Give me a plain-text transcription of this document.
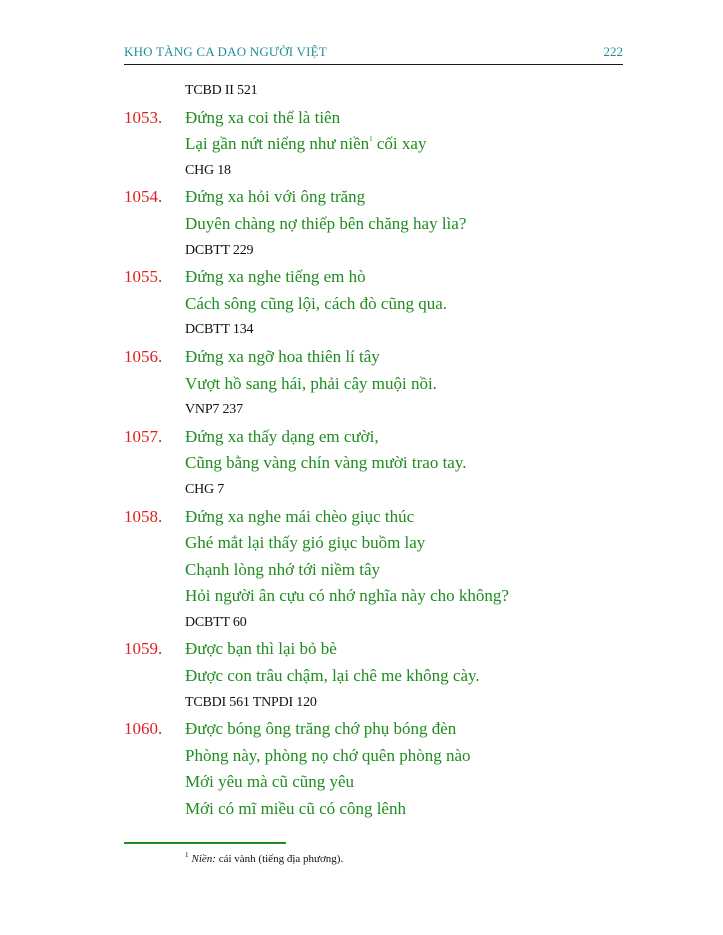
KHO TÀNG CA DAO NGƯỜI VIỆT	222
TCBD II 521
1053. Đứng xa coi thể là tiên
Lại gần nứt niểng như niền$^1$ cối xay
CHG 18
1054. Đứng xa hỏi với ông trăng
Duyên chàng nợ thiếp bên chăng hay lìa?
DCBTT 229
1055. Đứng xa nghe tiếng em hò
Cách sông cũng lội, cách đò cũng qua.
DCBTT 134
1056. Đứng xa ngỡ hoa thiên lí tây
Vượt hồ sang hái, phải cây muội nồi.
VNP7 237
1057. Đứng xa thấy dạng em cười,
Cũng bằng vàng chín vàng mười trao tay.
CHG 7
1058. Đứng xa nghe mái chèo giục thúc
Ghé mắt lại thấy gió giục buồm lay
Chạnh lòng nhớ tới niềm tây
Hỏi người ân cựu có nhớ nghĩa này cho không?
DCBTT 60
1059. Được bạn thì lại bỏ bè
Được con trâu chậm, lại chê me không cày.
TCBDI 561 TNPDI 120
1060. Được bóng ông trăng chớ phụ bóng đèn
Phòng này, phòng nọ chớ quên phòng nào
Mới yêu mà cũ cũng yêu
Mới có mĩ miều cũ có công lênh
$^1$ Niền: cái vành (tiếng địa phương).
